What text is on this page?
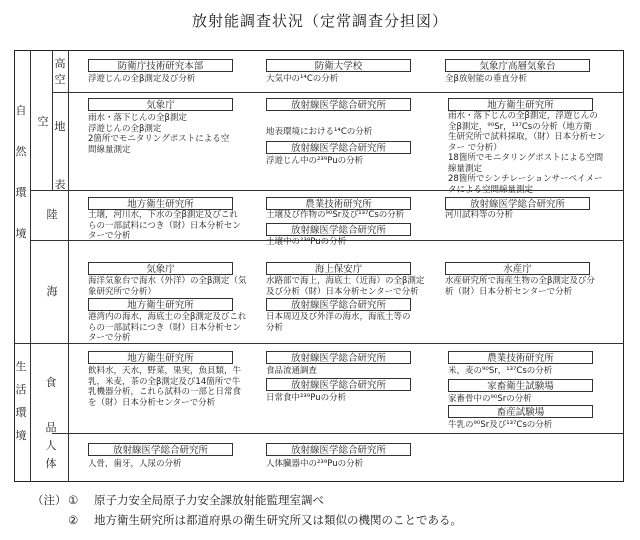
放射能調査状況（定常調査分担図）
自然環境
生活環境
空
高空
地表
陸
海
食品
人体
防衛庁技術研究本部
浮遊じんの全β測定及び分析
防衛大学校
大気中の¹⁴Cの分析
気象庁高層気象台
全β放射能の垂直分析
気象庁
雨水・落下じんの全β測定
浮遊じんの全β測定
2箇所でモニタリングポストによる空
間線量測定
放射線医学総合研究所
地表環境における¹⁴Cの分析
放射線医学総合研究所
浮遊じん中の²³⁹Puの分析
地方衛生研究所
雨水・落下じんの全β測定，浮遊じんの
全β測定，⁹⁰Sr，¹³⁷Csの分析（地方衛
生研究所で試料採取，（財）日本分析セン
ター で分析）
18箇所でモニタリングポストによる空間
線量測定
28箇所でシンチレーションサーベイメー
タによる空間線量測定
地方衛生研究所
土壌，河川水，下水の全β測定及びこれ
らの一部試料につき（財）日本分析セン
ターで分析
農業技術研究所
土壌及び作物の⁹⁰Sr及び¹³⁷Csの分析
放射線医学総合研究所
土壌中の²³⁹Puの分析
放射線医学総合研究所
河川試料等の分析
気象庁
海洋気象台で海水（外洋）の全β測定（気
象研究所で分析）
地方衛生研究所
港湾内の海水，海底土の全β測定及びこれ
らの一部試料につき（財）日本分析セン
ターで分析
海上保安庁
水路部で海上，海底土（近海）の全β測定
及び分析（財）日本分析センターで分析
放射線医学総合研究所
日本周辺及び外洋の海水，海底土等の
分析
水産庁
水産研究所で海産生物の全β測定及び分
析（財）日本分析センターで分析
地方衛生研究所
飲料水，天水，野菜，果実，魚貝類，牛
乳，米麦，茶の全β測定及び14箇所で牛
乳機器分析，これら試料の一部と日常食
を（財）日本分析センターで分析
放射線医学総合研究所
食品流通調査
放射線医学総合研究所
日常食中²³⁹Puの分析
農業技術研究所
米，麦の⁹⁰Sr，¹³⁷Csの分析
家畜衛生試験場
家畜骨中の⁹⁰Srの分析
畜産試験場
牛乳の⁹⁰Sr及び¹³⁷Csの分析
放射線医学総合研究所
人骨，歯牙，人尿の分析
放射線医学総合研究所
人体臓器中の²³⁹Puの分析
（注） ①	原子力安全局原子力安全課放射能監理室調べ
②	地方衛生研究所は都道府県の衛生研究所又は類似の機関のことである。
